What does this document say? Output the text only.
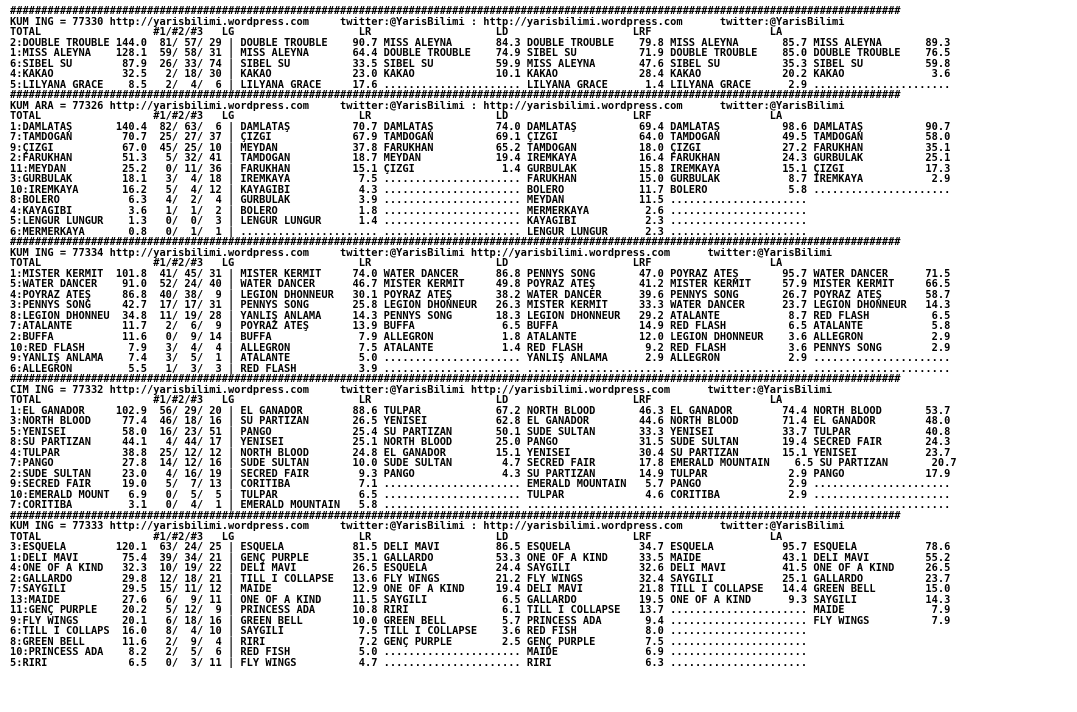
###############################################################################################################################################
KUM ING = 77330 http://yarisbilimi.wordpress.com     twitter:@YarisBilimi : http://yarisbilimi.wordpress.com      twitter:@YarisBilimi
TOTAL                  #1/#2/#3   LG                    LR                    LD                    LRF                   LA
2:DOUBLE TROUBLE 144.0  81/ 57/ 29 | DOUBLE TROUBLE    90.7 MISS ALEYNA       84.3 DOUBLE TROUBLE    79.8 MISS ALEYNA       85.7 MISS ALEYNA       89.3
1:MISS ALEYNA    128.1  59/ 58/ 31 | MISS ALEYNA       64.4 DOUBLE TROUBLE    74.9 SIBEL SU          71.9 DOUBLE TROUBLE    85.0 DOUBLE TROUBLE    76.5
6:SIBEL SU        87.9  26/ 33/ 74 | SIBEL SU          33.5 SIBEL SU          59.9 MISS ALEYNA       47.6 SIBEL SU          35.3 SIBEL SU          59.8
4:KAKAO           32.5   2/ 18/ 30 | KAKAO             23.0 KAKAO             10.1 KAKAO             28.4 KAKAO             20.2 KAKAO              3.6
5:LILYANA GRACE    8.5   2/  4/  6 | LILYANA GRACE     17.6 ...................... LILYANA GRACE      1.4 LILYANA GRACE      2.9 ......................
###############################################################################################################################################
KUM ARA = 77326 http://yarisbilimi.wordpress.com     twitter:@YarisBilimi : http://yarisbilimi.wordpress.com      twitter:@YarisBilimi
TOTAL                  #1/#2/#3   LG                    LR                    LD                    LRF                   LA
1:DAMLATAŞ       140.4  82/ 63/  6 | DAMLATAŞ          70.7 DAMLATAŞ          74.0 DAMLATAŞ          69.4 DAMLATAŞ          98.6 DAMLATAŞ          90.7
7:TAMDOĞAN        70.7  25/ 27/ 37 | ÇIZGI             67.9 TAMDOĞAN          69.1 ÇIZGI             64.0 TAMDOĞAN          49.5 TAMDOĞAN          58.0
9:ÇIZGI           67.0  45/ 25/ 10 | MEYDAN            37.8 FARUKHAN          65.2 TAMDOĞAN          18.0 ÇIZGI             27.2 FARUKHAN          35.1
2:FARUKHAN        51.3   5/ 32/ 41 | TAMDOĞAN          18.7 MEYDAN            19.4 İREMKAYA          16.4 FARUKHAN          24.3 GÜRBULAK          25.1
11:MEYDAN         25.2   0/ 11/ 36 | FARUKHAN          15.1 ÇIZGI              1.4 GÜRBULAK          15.8 İREMKAYA          15.1 ÇIZGI             17.3
3:GÜRBULAK        18.1   3/  4/ 18 | İREMKAYA           7.5 ...................... FARUKHAN          15.0 GÜRBULAK           8.7 İREMKAYA           2.9
10:İREMKAYA       16.2   5/  4/ 12 | KAYAGIBI           4.3 ...................... BOLERO            11.7 BOLERO             5.8 ......................
8:BOLERO           6.3   4/  2/  4 | GÜRBULAK           3.9 ...................... MEYDAN            11.5 ......................
4:KAYAGIBI         3.6   1/  1/  2 | BOLERO             1.8 ...................... MERMERKAYA         2.6 ......................
5:LENGÜR LÜNGÜR    1.3   0/  0/  3 | LENGÜR LÜNGÜR      1.4 ...................... KAYAGIBI           2.3 ......................
6:MERMERKAYA       0.8   0/  1/  1 | ...................... ...................... LENGÜR LÜNGÜR      2.3 ......................
###############################################################################################################################################
KUM ING = 77334 http://yarisbilimi.wordpress.com     twitter:@YarisBilimi http://yarisbilimi.wordpress.com      twitter:@YarisBilimi
TOTAL                  #1/#2/#3   LG                    LR                    LD                    LRF                   LA
1:MISTER KERMİT  101.8  41/ 45/ 31 | MISTER KERMİT     74.0 WATER DANCER      86.8 PENNYS SONG       47.0 POYRAZ ATEŞ       95.7 WATER DANCER      71.5
5:WATER DANCER    91.0  52/ 24/ 40 | WATER DANCER      46.7 MISTER KERMİT     49.8 POYRAZ ATEŞ       41.2 MISTER KERMİT     57.9 MISTER KERMİT     66.5
4:POYRAZ ATEŞ     86.8  40/ 38/  9 | LEGION DHONNEUR   30.1 POYRAZ ATEŞ       38.2 WATER DANCER      39.6 PENNYS SONG       26.7 POYRAZ ATEŞ       58.7
3:PENNYS SONG     42.7  17/ 17/ 31 | PENNYS SONG       25.8 LEGION DHONNEUR   26.3 MISTER KERMİT     33.3 WATER DANCER      23.7 LEGION DHONNEUR   14.3
8:LEGION DHONNEU  34.8  11/ 19/ 28 | YANLIŞ ANLAMA     14.3 PENNYS SONG       18.3 LEGION DHONNEUR   29.2 ATALANTE           8.7 RED FLASH          6.5
7:ATALANTE        11.7   2/  6/  9 | POYRAZ ATEŞ       13.9 BUFFA              6.5 BUFFA             14.9 RED FLASH          6.5 ATALANTE           5.8
2:BUFFA           11.6   0/  9/ 14 | BUFFA              7.9 ALLEGRON           1.8 ATALANTE          12.0 LEGION DHONNEUR    3.6 ALLEGRON           2.9
10:RED FLASH       7.9   3/  4/  4 | ALLEGRON           7.5 ATALANTE           1.4 RED FLASH          9.2 RED FLASH          3.6 PENNYS SONG        2.9
9:YANLIŞ ANLAMA    7.4   3/  5/  1 | ATALANTE           5.0 ...................... YANLIŞ ANLAMA      2.9 ALLEGRON           2.9 ......................
6:ALLEGRON         5.5   1/  3/  3 | RED FLASH          3.9 ...................... ...................... ...................... ......................
###############################################################################################################################################
CIM ING = 77332 http://yarisbilimi.wordpress.com     twitter:@YarisBilimi http://yarisbilimi.wordpress.com      twitter:@YarisBilimi
TOTAL                  #1/#2/#3   LG                    LR                    LD                    LRF                   LA
1:EL GANADOR     102.9  56/ 29/ 20 | EL GANADOR        88.6 TULPAR            67.2 NORTH BLOOD       46.3 EL GANADOR        74.4 NORTH BLOOD       53.7
3:NORTH BLOOD     77.4  46/ 18/ 16 | SU PARTIZAN       26.5 YENİSEİ           62.8 EL GANADOR        44.6 NORTH BLOOD       71.4 EL GANADOR        48.0
5:YENİSEİ         58.0  16/ 23/ 51 | PANGO             25.4 SU PARTİZAN       50.1 SUDE SULTAN       33.3 YENİSEİ           33.7 TULPAR            40.8
8:SU PARTİZAN     44.1   4/ 44/ 17 | YENİSEİ           25.1 NORTH BLOOD       25.0 PANGO             31.5 SUDE SULTAN       19.4 SECRED FAIR       24.3
4:TULPAR          38.8  25/ 12/ 12 | NORTH BLOOD       24.8 EL GANADOR        15.1 YENİSEİ           30.4 SU PARTİZAN       15.1 YENİSEİ           23.7
7:PANGO           27.8  14/ 12/ 16 | SUDE SULTAN       10.0 SUDE SULTAN        4.7 SECRED FAIR       17.8 EMERALD MOUNTAIN    6.5 SU PARTİZAN       20.7
2:SUDE SULTAN     23.0   4/ 16/ 19 | SECRED FAIR        9.3 PANGO              4.3 SU PARTİZAN       14.9 TULPAR             2.9 PANGO             17.9
9:SECRED FAIR     19.0   5/  7/ 13 | CORITIBA           7.1 ...................... EMERALD MOUNTAIN   5.7 PANGO              2.9 ......................
10:EMERALD MOUNT   6.9   0/  5/  5 | TULPAR             6.5 ...................... TULPAR             4.6 CORITIBA           2.9 ......................
7:CORITIBA         3.1   0/  4/  1 | EMERALD MOUNTAIN   5.8 ...................... ...................... ...................... ......................
###############################################################################################################################################
KUM ING = 77333 http://yarisbilimi.wordpress.com     twitter:@YarisBilimi : http://yarisbilimi.wordpress.com      twitter:@YarisBilimi
TOTAL                  #1/#2/#3   LG                    LR                    LD                    LRF                   LA
3:ESQUELA        120.1  63/ 24/ 25 | ESQUELA           81.5 DELİ MAVİ         86.5 ESQUELA           34.7 ESQUELA           95.7 ESQUELA           78.6
1:DELİ MAVİ       75.4  39/ 34/ 21 | GENÇ PURPLE       35.1 GALLARDO          53.3 ONE OF A KIND     33.5 MAIDE             43.1 DELİ MAVİ         55.2
4:ONE OF A KIND   32.3  10/ 19/ 22 | DELİ MAVİ         26.5 ESQUELA           24.4 SAYGILI           32.6 DELİ MAVİ         41.5 ONE OF A KIND     26.5
2:GALLARDO        29.8  12/ 18/ 21 | TILL I COLLAPSE   13.6 FLY WINGS         21.2 FLY WINGS         32.4 SAYGILI           25.1 GALLARDO          23.7
7:SAYGILI         29.5  15/ 11/ 12 | MAIDE             12.9 ONE OF A KIND     19.4 DELİ MAVİ         21.8 TILL I COLLAPSE   14.4 GREEN BELL        15.0
13:MAIDE          27.6   6/  9/ 11 | ONE OF A KIND     11.5 SAYGILI            6.5 GALLARDO          19.5 ONE OF A KIND      9.3 SAYGILI           14.3
11:GENÇ PURPLE    20.2   5/ 12/  9 | PRINCESS ADA      10.8 RİRİ               6.1 TILL I COLLAPSE   13.7 ...................... MAIDE              7.9
9:FLY WINGS       20.1   6/ 18/ 16 | GREEN BELL        10.0 GREEN BELL         5.7 PRINCESS ADA       9.4 ...................... FLY WINGS          7.9
6:TILL I COLLAPS  16.0   8/  4/ 10 | SAYGILI            7.5 TILL I COLLAPSE    3.6 RED FISH           8.0 ......................
8:GREEN BELL      11.6   2/  9/  4 | RİRİ               7.2 GENÇ PURPLE        2.5 GENÇ PURPLE        7.5 ......................
10:PRINCESS ADA    8.2   2/  5/  6 | RED FISH           5.0 ...................... MAIDE              6.9 ......................
5:RİRİ             6.5   0/  3/ 11 | FLY WINGS          4.7 ...................... RİRİ               6.3 ......................
